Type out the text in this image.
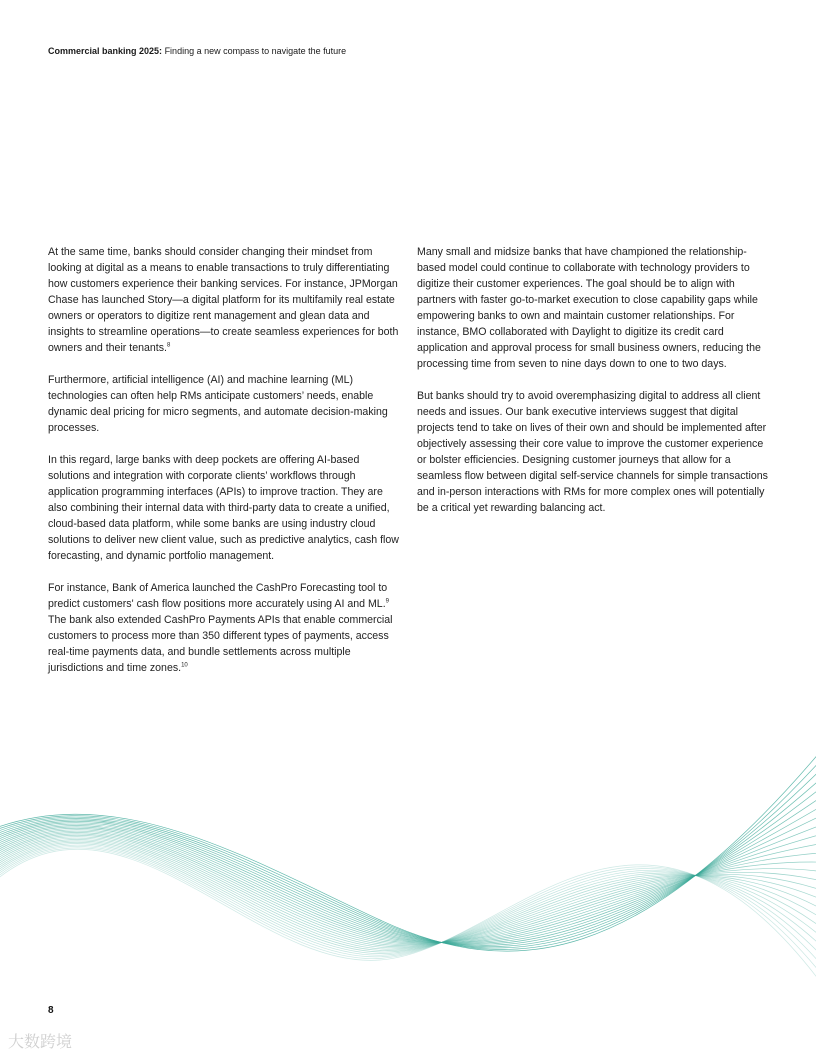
Commercial banking 2025: Finding a new compass to navigate the future

At the same time, banks should consider changing their mindset from looking at digital as a means to enable transactions to truly differentiating how customers experience their banking services. For instance, JPMorgan Chase has launched Story—a digital platform for its multifamily real estate owners or operators to digitize rent management and glean data and insights to streamline operations—to create seamless experiences for both owners and their tenants.$^8$

Furthermore, artificial intelligence (AI) and machine learning (ML) technologies can often help RMs anticipate customers’ needs, enable dynamic deal pricing for micro segments, and automate decision-making processes.

In this regard, large banks with deep pockets are offering AI-based solutions and integration with corporate clients’ workflows through application programming interfaces (APIs) to improve traction. They are also combining their internal data with third-party data to create a unified, cloud-based data platform, while some banks are using industry cloud solutions to deliver new client value, such as predictive analytics, cash flow forecasting, and dynamic portfolio management.

For instance, Bank of America launched the CashPro Forecasting tool to predict customers' cash flow positions more accurately using AI and ML.$^9$ The bank also extended CashPro Payments APIs that enable commercial customers to process more than 350 different types of payments, access real-time payments data, and bundle settlements across multiple jurisdictions and time zones.$^{10}$

Many small and midsize banks that have championed the relationship-based model could continue to collaborate with technology providers to digitize their customer experiences. The goal should be to align with partners with faster go-to-market execution to close capability gaps while empowering banks to own and maintain customer relationships. For instance, BMO collaborated with Daylight to digitize its credit card application and approval process for small business owners, reducing the processing time from seven to nine days down to one to two days.

But banks should try to avoid overemphasizing digital to address all client needs and issues. Our bank executive interviews suggest that digital projects tend to take on lives of their own and should be implemented after objectively assessing their core value to improve the customer experience or bolster efficiencies. Designing customer journeys that allow for a seamless flow between digital self-service channels for simple transactions and in-person interactions with RMs for more complex ones will potentially be a critical yet rewarding balancing act.

8
大数跨境
